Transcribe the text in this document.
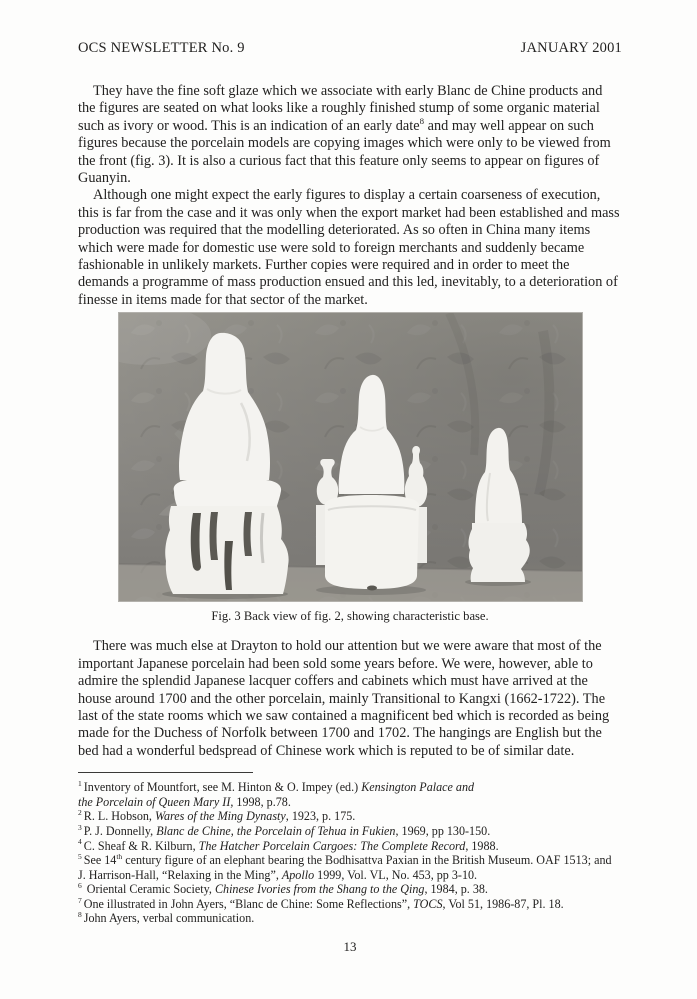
OCS NEWSLETTER No. 9	JANUARY 2001

They have the fine soft glaze which we associate with early Blanc de Chine products and the figures are seated on what looks like a roughly finished stump of some organic material such as ivory or wood. This is an indication of an early date$^8$ and may well appear on such figures because the porcelain models are copying images which were only to be viewed from the front (fig. 3). It is also a curious fact that this feature only seems to appear on figures of Guanyin.

Although one might expect the early figures to display a certain coarseness of execution, this is far from the case and it was only when the export market had been established and mass production was required that the modelling deteriorated. As so often in China many items which were made for domestic use were sold to foreign merchants and suddenly became fashionable in unlikely markets. Further copies were required and in order to meet the demands a programme of mass production ensued and this led, inevitably, to a deterioration of finesse in items made for that sector of the market.

Fig. 3 Back view of fig. 2, showing characteristic base.

There was much else at Drayton to hold our attention but we were aware that most of the important Japanese porcelain had been sold some years before. We were, however, able to admire the splendid Japanese lacquer coffers and cabinets which must have arrived at the house around 1700 and the other porcelain, mainly Transitional to Kangxi (1662-1722). The last of the state rooms which we saw contained a magnificent bed which is recorded as being made for the Duchess of Norfolk between 1700 and 1702. The hangings are English but the bed had a wonderful bedspread of Chinese work which is reputed to be of similar date.

$^1$ Inventory of Mountfort, see M. Hinton & O. Impey (ed.) Kensington Palace and
the Porcelain of Queen Mary II, 1998, p.78.
$^2$ R. L. Hobson, Wares of the Ming Dynasty, 1923, p. 175.
$^3$ P. J. Donnelly, Blanc de Chine, the Porcelain of Tehua in Fukien, 1969, pp 130-150.
$^4$ C. Sheaf & R. Kilburn, The Hatcher Porcelain Cargoes: The Complete Record, 1988.
$^5$ See 14th century figure of an elephant bearing the Bodhisattva Paxian in the British Museum. OAF 1513; and
J. Harrison-Hall, “Relaxing in the Ming”, Apollo 1999, Vol. VL, No. 453, pp 3-10.
$^6$ Oriental Ceramic Society, Chinese Ivories from the Shang to the Qing, 1984, p. 38.
$^7$ One illustrated in John Ayers, “Blanc de Chine: Some Reflections”, TOCS, Vol 51, 1986-87, Pl. 18.
$^8$ John Ayers, verbal communication.
13
